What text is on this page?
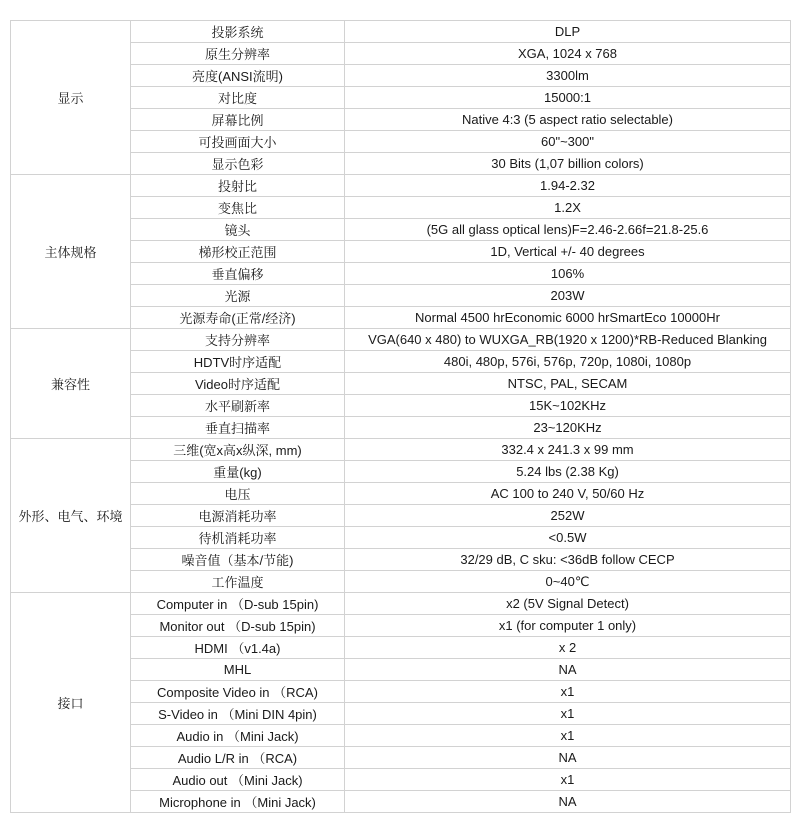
显示	投影系统	DLP
	原生分辨率	XGA, 1024 x 768
	亮度(ANSI流明)	3300lm
	对比度	15000:1
	屏幕比例	Native 4:3 (5 aspect ratio selectable)
	可投画面大小	60"~300"
	显示色彩	30 Bits (1,07 billion colors)
主体规格	投射比	1.94-2.32
	变焦比	1.2X
	镜头	(5G all glass optical lens)F=2.46-2.66f=21.8-25.6
	梯形校正范围	1D, Vertical +/- 40 degrees
	垂直偏移	106%
	光源	203W
	光源寿命(正常/经济)	Normal 4500 hrEconomic 6000 hrSmartEco 10000Hr
兼容性	支持分辨率	VGA(640 x 480) to WUXGA_RB(1920 x 1200)*RB-Reduced Blanking
	HDTV时序适配	480i, 480p, 576i, 576p, 720p, 1080i, 1080p
	Video时序适配	NTSC, PAL, SECAM
	水平刷新率	15K~102KHz
	垂直扫描率	23~120KHz
外形、电气、环境	三维(宽x高x纵深, mm)	332.4 x 241.3 x 99 mm
	重量(kg)	5.24 lbs (2.38 Kg)
	电压	AC 100 to 240 V, 50/60 Hz
	电源消耗功率	252W
	待机消耗功率	<0.5W
	噪音值（基本/节能)	32/29 dB, C sku: <36dB follow CECP
	工作温度	0~40℃
接口	Computer in （D-sub 15pin)	x2 (5V Signal Detect)
	Monitor out （D-sub 15pin)	x1 (for computer 1 only)
	HDMI （v1.4a)	x 2
	MHL	NA
	Composite Video in （RCA)	x1
	S-Video in （Mini DIN 4pin)	x1
	Audio in （Mini Jack)	x1
	Audio L/R in （RCA)	NA
	Audio out （Mini Jack)	x1
	Microphone in （Mini Jack)	NA
